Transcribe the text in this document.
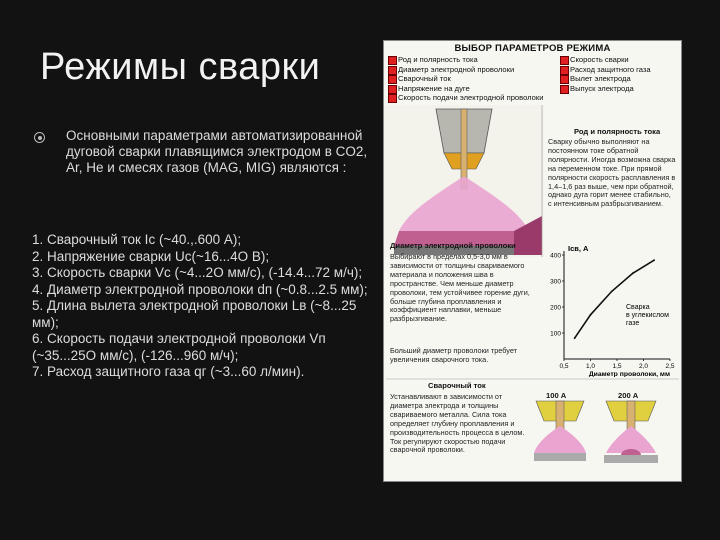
Режимы сварки
Основными параметрами автоматизированной дуговой сварки плавящимся электродом в CO2, Ar, He и смесях газов (MAG, MIG) являются :
1. Сварочный ток Iс (~40.,.600 А);
2. Напряжение сварки Uс(~16...4О В);
3. Скорость сварки Vс (~4...2О мм/с), (-14.4...72 м/ч);
4. Диаметр электродной проволоки dп (~0.8...2.5 мм);
5. Длина вылета электродной проволоки Lв (~8...25 мм);
6. Скорость подачи электродной проволоки Vп (~35...25О мм/с), (-126...960 м/ч);
7. Расход защитного газа qг (~3...60 л/мин).
ВЫБОР ПАРАМЕТРОВ РЕЖИМА
Род и полярность тока
Диаметр электродной проволоки
Сварочный ток
Напряжение на дуге
Скорость подачи электродной проволоки
Скорость сварки
Расход защитного газа
Вылет электрода
Выпуск электрода
Род и полярность тока
Сварку обычно выполняют на постоянном токе обратной полярности. Иногда возможна сварка на переменном токе. При прямой полярности скорость расплавления в 1,4–1,6 раз выше, чем при обратной, однако дуга горит менее стабильно, с интенсивным разбрызгиванием.
Диаметр электродной проволоки
Выбирают в пределах 0,5-3,0 мм в зависимости от толщины свариваемого материала и положения шва в пространстве. Чем меньше диаметр проволоки, тем устойчивее горение дуги, больше глубина проплавления и коэффициент наплавки, меньше разбрызгивание.
Больший диаметр проволоки требует увеличения сварочного тока.
Сварочный ток
Устанавливают в зависимости от диаметра электрода и толщины свариваемого металла. Сила тока определяет глубину проплавления и производительность процесса в целом. Ток регулируют скоростью подачи сварочной проволоки.
100 А	200 А
Iсв, А
100
200
300
400
0,5	1,0	1,5	2,0	2,5
Сварка в углекислом газе
Диаметр проволоки, мм
